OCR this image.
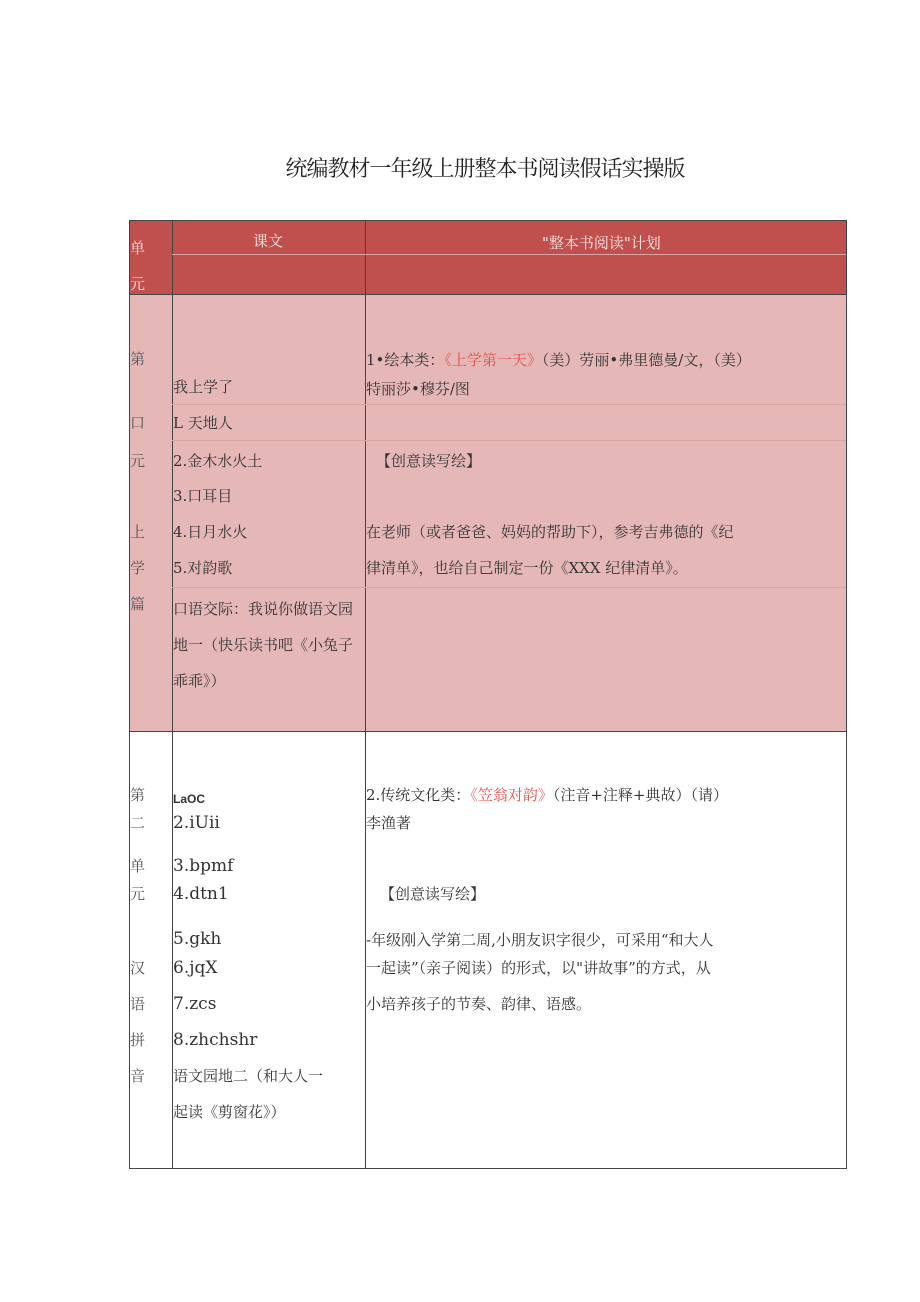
统编教材一年级上册整本书阅读假话实操版
单
元
课文	"整本书阅读"计划
第
口
元
上
学
篇
我上学了
L 天地人
2.金木水火土
3.口耳目
4.日月水火
5.对韵歌
口语交际：我说你做语文园
地一（快乐读书吧《小兔子
乖乖》）
1•绘本类：《上学第一天》（美）劳丽•弗里德曼/文，（美）
特丽莎•穆芬/图
【创意读写绘】
在老师（或者爸爸、妈妈的帮助下），参考吉弗德的《纪
律清单》，也给自己制定一份《XXX 纪律清单》。
第
二
单
元
汉
语
拼
音
LaOC
2.iUii
3.bpmf
4.dtn1
5.gkh
6.jqX
7.zcs
8.zhchshr
语文园地二（和大人一
起读《剪窗花》）
2.传统文化类：《笠翁对韵》（注音+注释+典故）（请）
李渔著
【创意读写绘】
-年级刚入学第二周,小朋友识字很少，可采用“和大人
一起读”（亲子阅读）的形式，以"讲故事”的方式，从
小培养孩子的节奏、韵律、语感。
